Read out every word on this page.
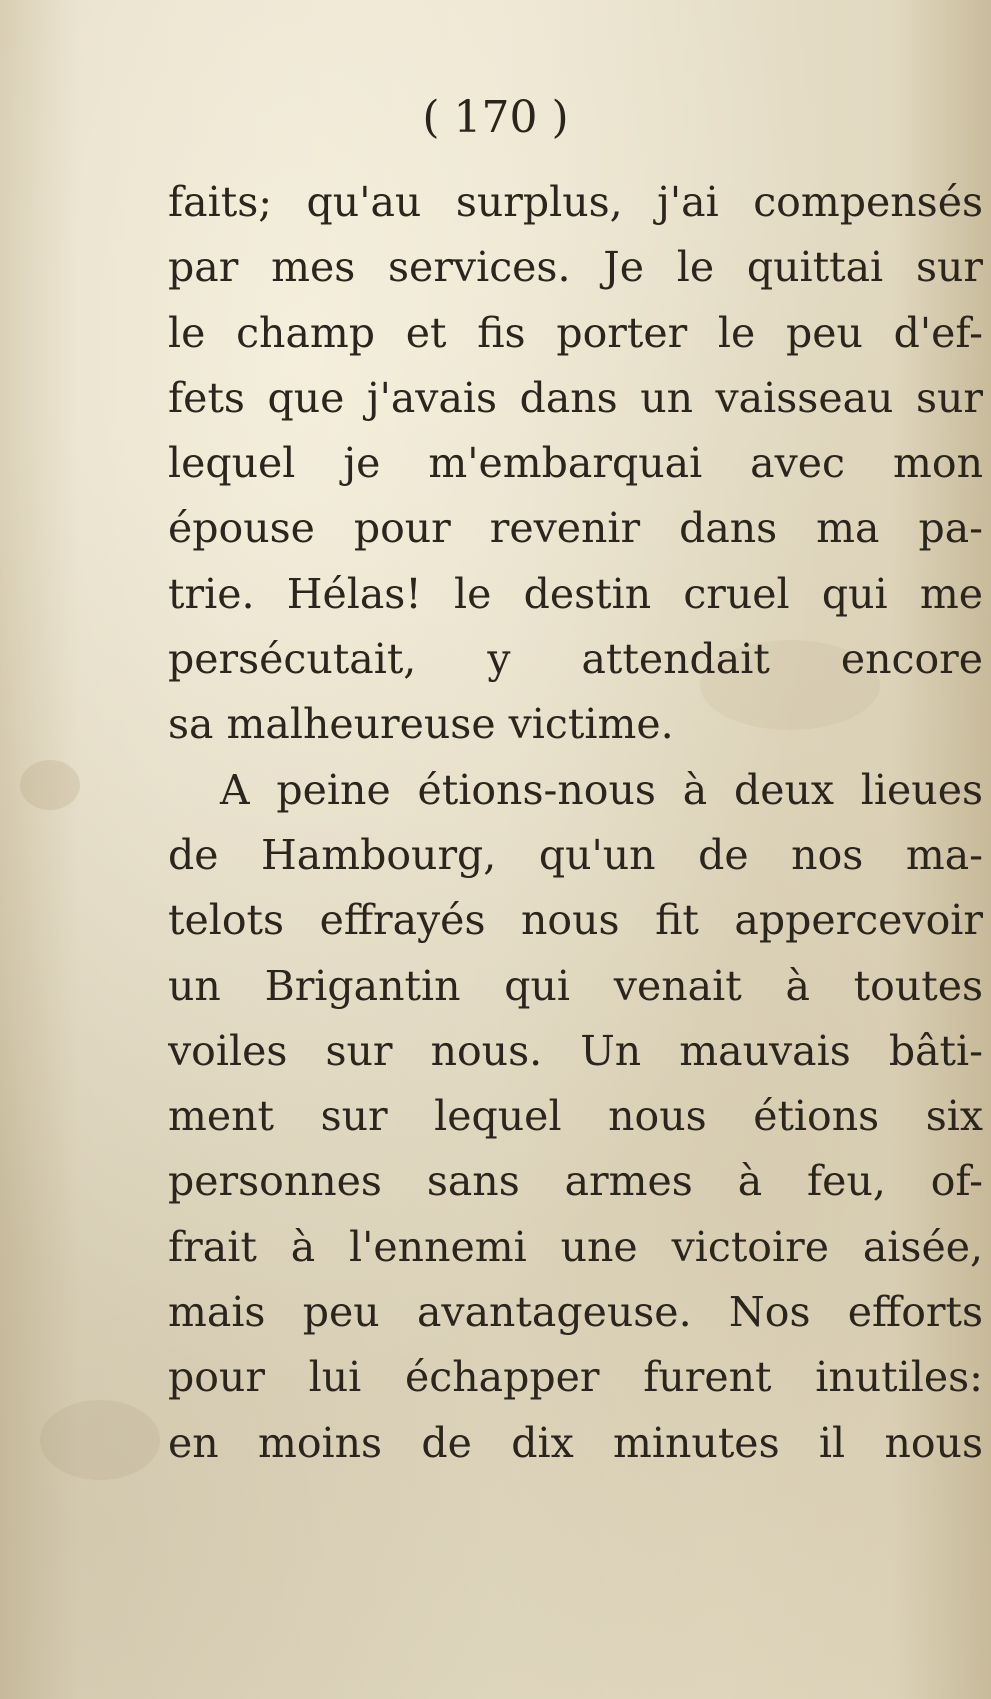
( 170 )
faits; qu'au surplus, j'ai compensés
par mes services. Je le quittai sur
le champ et fis porter le peu d'ef-
fets que j'avais dans un vaisseau sur
lequel je m'embarquai avec mon
épouse pour revenir dans ma pa-
trie. Hélas! le destin cruel qui me
persécutait, y attendait encore
sa malheureuse victime.
A peine étions-nous à deux lieues
de Hambourg, qu'un de nos ma-
telots effrayés nous fit appercevoir
un Brigantin qui venait à toutes
voiles sur nous. Un mauvais bâti-
ment sur lequel nous étions six
personnes sans armes à feu, of-
frait à l'ennemi une victoire aisée,
mais peu avantageuse. Nos efforts
pour lui échapper furent inutiles:
en moins de dix minutes il nous
